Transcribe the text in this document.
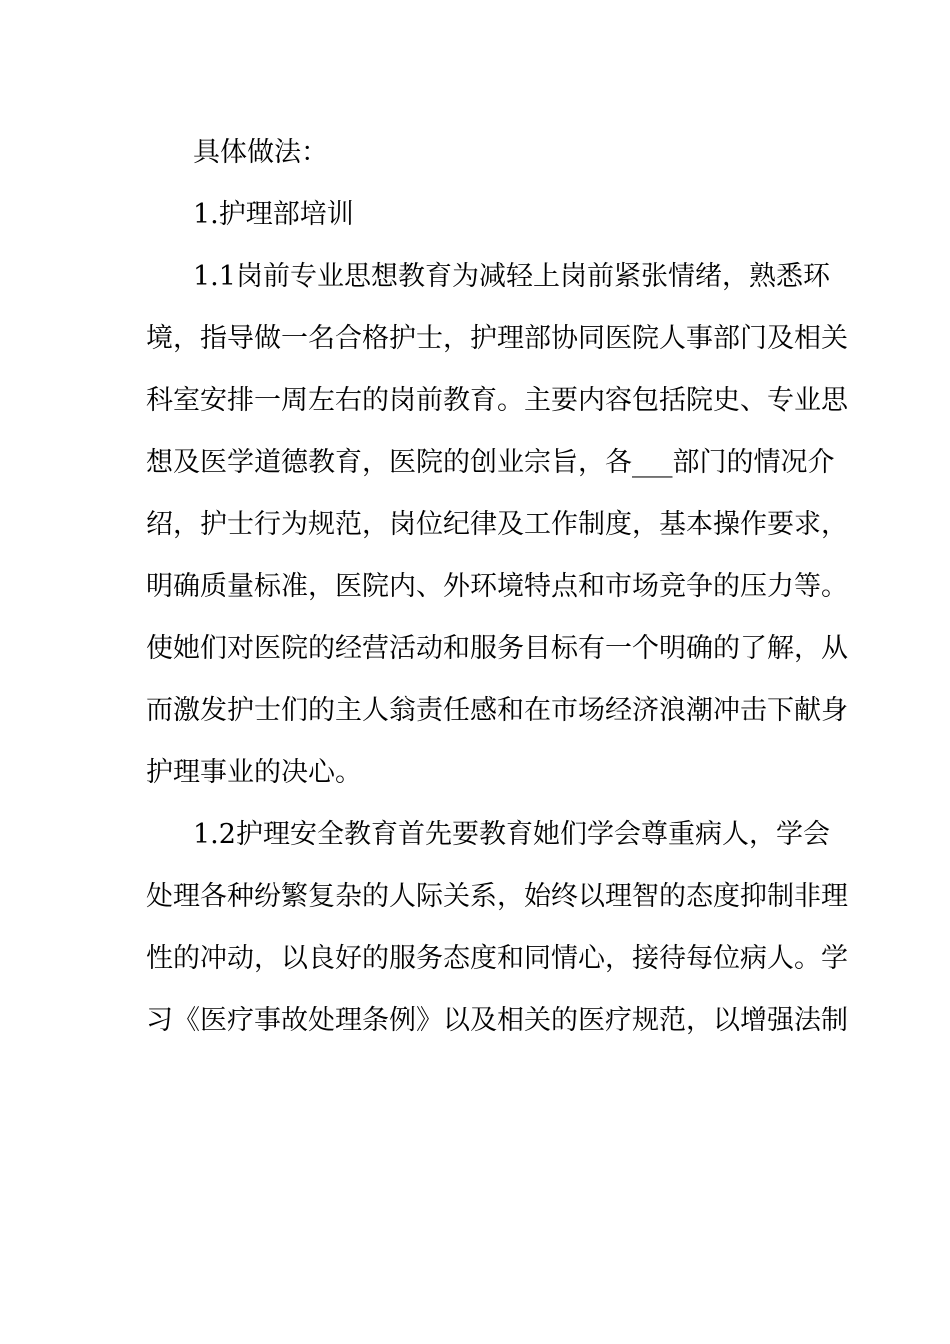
具体做法：
1.护理部培训
1.1岗前专业思想教育为减轻上岗前紧张情绪，熟悉环
境，指导做一名合格护士，护理部协同医院人事部门及相关
科室安排一周左右的岗前教育。主要内容包括院史、专业思
想及医学道德教育，医院的创业宗旨，各___部门的情况介
绍，护士行为规范，岗位纪律及工作制度，基本操作要求，
明确质量标准，医院内、外环境特点和市场竞争的压力等。
使她们对医院的经营活动和服务目标有一个明确的了解，从
而激发护士们的主人翁责任感和在市场经济浪潮冲击下献身
护理事业的决心。
1.2护理安全教育首先要教育她们学会尊重病人，学会
处理各种纷繁复杂的人际关系，始终以理智的态度抑制非理
性的冲动，以良好的服务态度和同情心，接待每位病人。学
习《医疗事故处理条例》以及相关的医疗规范，以增强法制
